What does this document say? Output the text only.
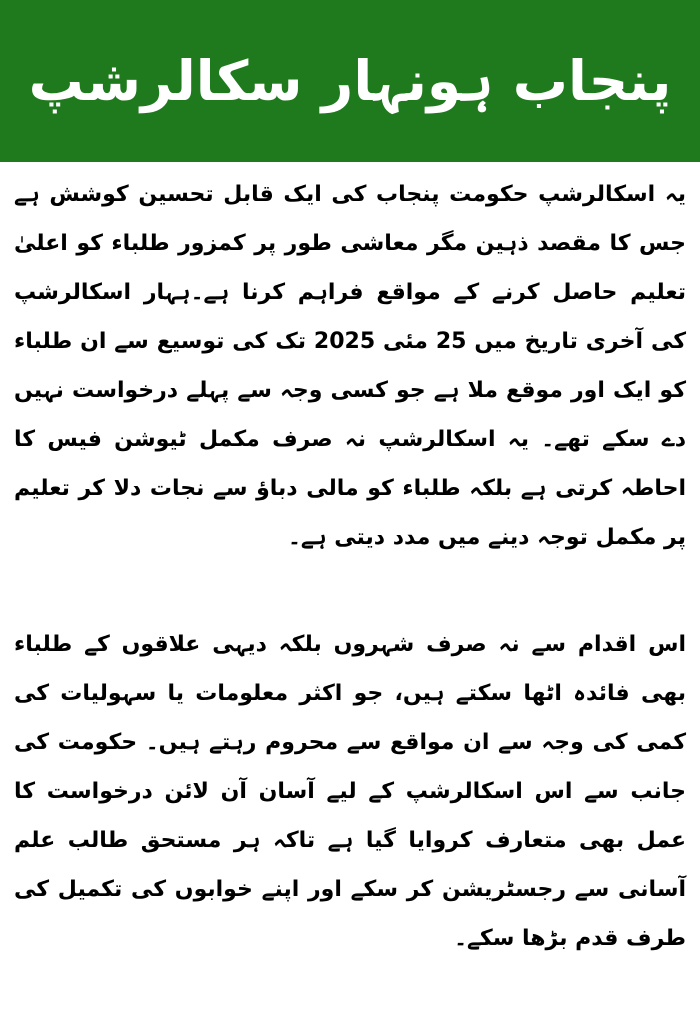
پنجاب ہونہار سکالرشپ

یہ اسکالرشپ حکومت پنجاب کی ایک قابل تحسین کوشش ہے جس کا مقصد ذہین مگر معاشی طور پر کمزور طلباء کو اعلیٰ تعلیم حاصل کرنے کے مواقع فراہم کرنا ہے۔ہہار اسکالرشپ کی آخری تاریخ میں 25 مئی 2025 تک کی توسیع سے ان طلباء کو ایک اور موقع ملا ہے جو کسی وجہ سے پہلے درخواست نہیں دے سکے تھے۔ یہ اسکالرشپ نہ صرف مکمل ٹیوشن فیس کا احاطہ کرتی ہے بلکہ طلباء کو مالی دباؤ سے نجات دلا کر تعلیم پر مکمل توجہ دینے میں مدد دیتی ہے۔

اس اقدام سے نہ صرف شہروں بلکہ دیہی علاقوں کے طلباء بھی فائدہ اٹھا سکتے ہیں، جو اکثر معلومات یا سہولیات کی کمی کی وجہ سے ان مواقع سے محروم رہتے ہیں۔ حکومت کی جانب سے اس اسکالرشپ کے لیے آسان آن لائن درخواست کا عمل بھی متعارف کروایا گیا ہے تاکہ ہر مستحق طالب علم آسانی سے رجسٹریشن کر سکے اور اپنے خوابوں کی تکمیل کی طرف قدم بڑھا سکے۔
